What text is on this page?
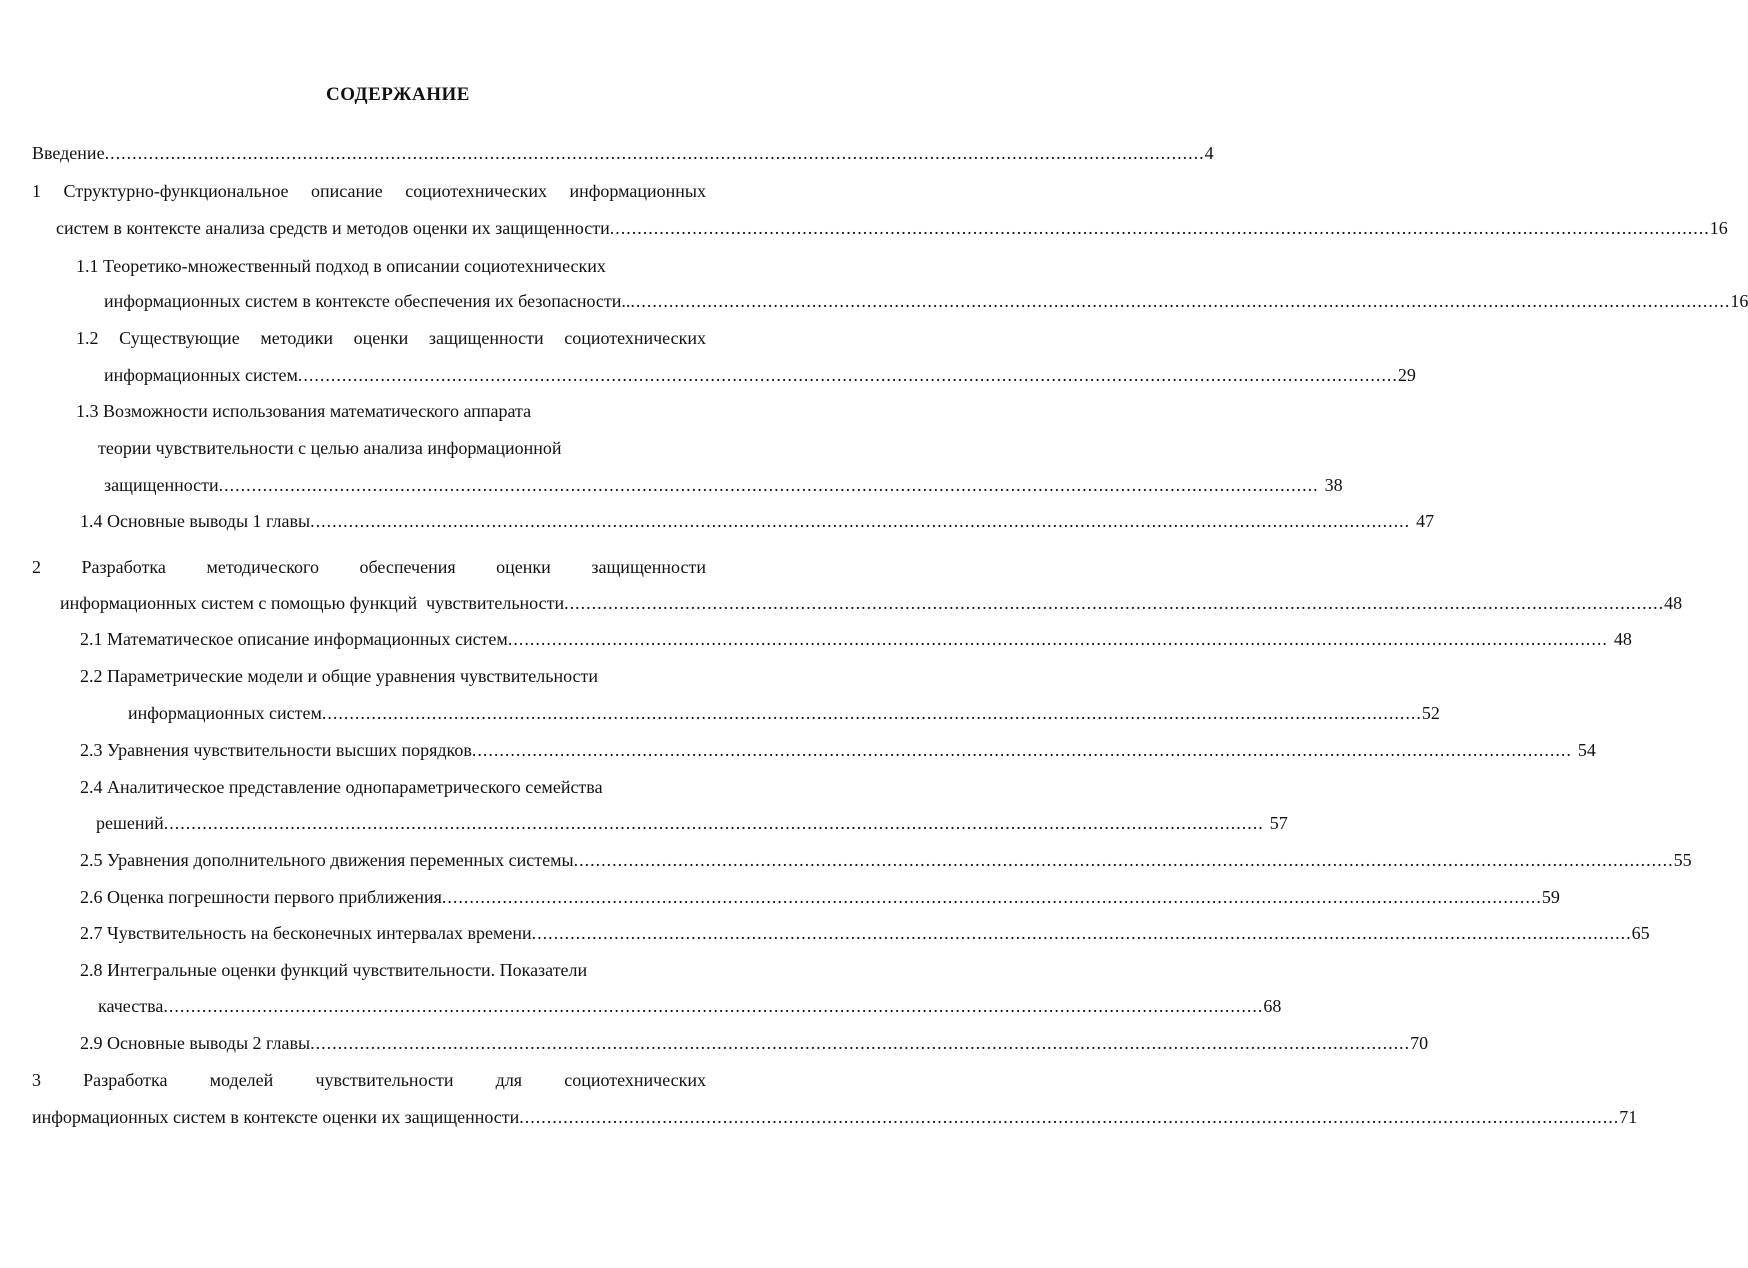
СОДЕРЖАНИЕ
Введение ........................................................................................................................................................................................................ 4
1 Структурно-функциональное описание социотехнических информационных
систем в контексте анализа средств и методов оценки их защищенности ........................................................................................................................................................................................................ 16
1.1 Теоретико-множественный подход в описании социотехнических
информационных систем в контексте обеспечения их безопасности.. ........................................................................................................................................................................................................ 16
1.2 Существующие методики оценки защищенности социотехнических
информационных систем ........................................................................................................................................................................................................ 29
1.3 Возможности использования математического аппарата
теории чувствительности с целью анализа информационной
защищенности ........................................................................................................................................................................................................ 38
1.4 Основные выводы 1 главы ........................................................................................................................................................................................................ 47
2 Разработка методического обеспечения оценки защищенности
информационных систем с помощью функций  чувствительности ........................................................................................................................................................................................................ 48
2.1 Математическое описание информационных систем ........................................................................................................................................................................................................ 48
2.2 Параметрические модели и общие уравнения чувствительности
информационных систем ........................................................................................................................................................................................................ 52
2.3 Уравнения чувствительности высших порядков ........................................................................................................................................................................................................ 54
2.4 Аналитическое представление однопараметрического семейства
решений ........................................................................................................................................................................................................ 57
2.5 Уравнения дополнительного движения переменных системы ........................................................................................................................................................................................................ 55
2.6 Оценка погрешности первого приближения ........................................................................................................................................................................................................ 59
2.7 Чувствительность на бесконечных интервалах времени ........................................................................................................................................................................................................ 65
2.8 Интегральные оценки функций чувствительности. Показатели
качества ........................................................................................................................................................................................................ 68
2.9 Основные выводы 2 главы ........................................................................................................................................................................................................ 70
3 Разработка моделей чувствительности для социотехнических
информационных систем в контексте оценки их защищенности ........................................................................................................................................................................................................ 71
